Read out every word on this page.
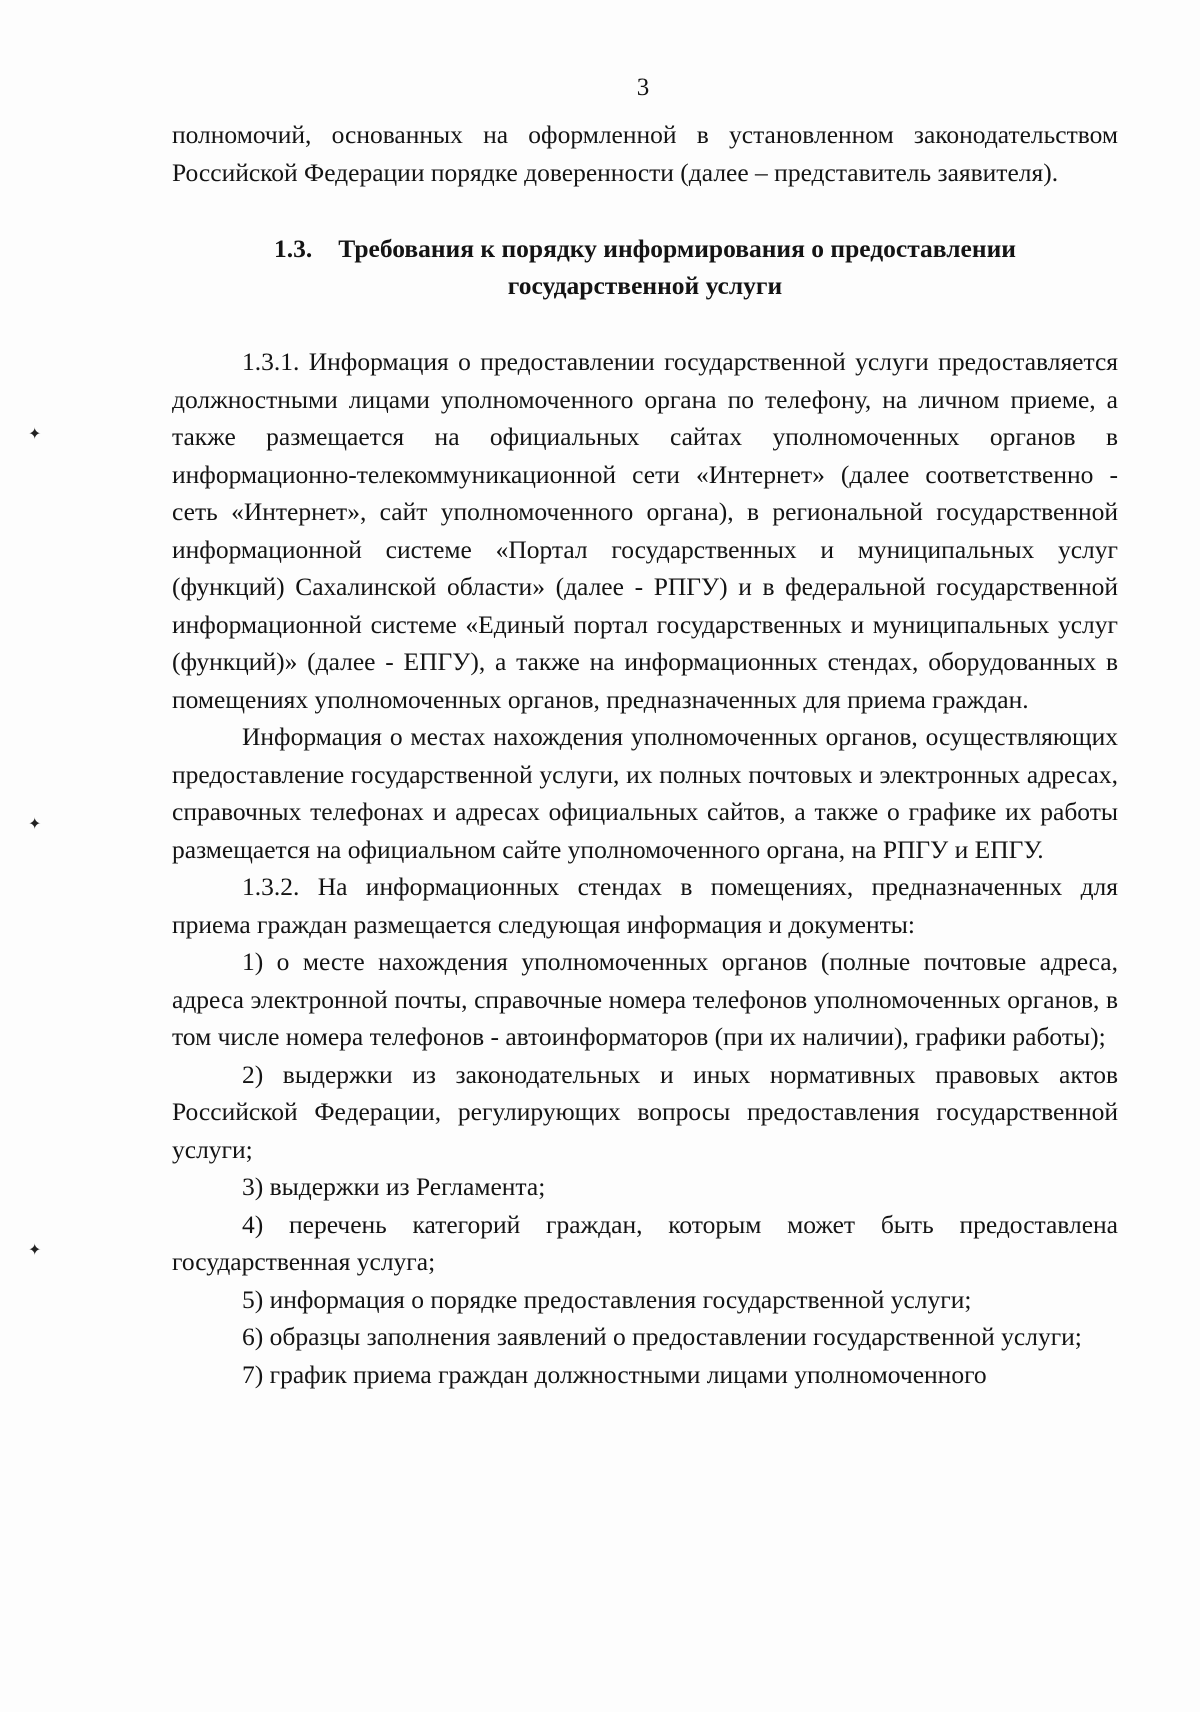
3
✦
✦
✦

полномочий, основанных на оформленной в установленном законодательством Российской Федерации порядке доверенности (далее – представитель заявителя).

1.3. Требования к порядку информирования о предоставлении
государственной услуги

1.3.1. Информация о предоставлении государственной услуги предоставляется должностными лицами уполномоченного органа по телефону, на личном приеме, а также размещается на официальных сайтах уполномоченных органов в информационно-телекоммуникационной сети «Интернет» (далее соответственно - сеть «Интернет», сайт уполномоченного органа), в региональной государственной информационной системе «Портал государственных и муниципальных услуг (функций) Сахалинской области» (далее - РПГУ) и в федеральной государственной информационной системе «Единый портал государственных и муниципальных услуг (функций)» (далее - ЕПГУ), а также на информационных стендах, оборудованных в помещениях уполномоченных органов, предназначенных для приема граждан.

Информация о местах нахождения уполномоченных органов, осуществляющих предоставление государственной услуги, их полных почтовых и электронных адресах, справочных телефонах и адресах официальных сайтов, а также о графике их работы размещается на официальном сайте уполномоченного органа, на РПГУ и ЕПГУ.

1.3.2. На информационных стендах в помещениях, предназначенных для приема граждан размещается следующая информация и документы:

1) о месте нахождения уполномоченных органов (полные почтовые адреса, адреса электронной почты, справочные номера телефонов уполномоченных органов, в том числе номера телефонов - автоинформаторов (при их наличии), графики работы);

2) выдержки из законодательных и иных нормативных правовых актов Российской Федерации, регулирующих вопросы предоставления государственной услуги;

3) выдержки из Регламента;

4) перечень категорий граждан, которым может быть предоставлена государственная услуга;

5) информация о порядке предоставления государственной услуги;

6) образцы заполнения заявлений о предоставлении государственной услуги;

7) график приема граждан должностными лицами уполномоченного
